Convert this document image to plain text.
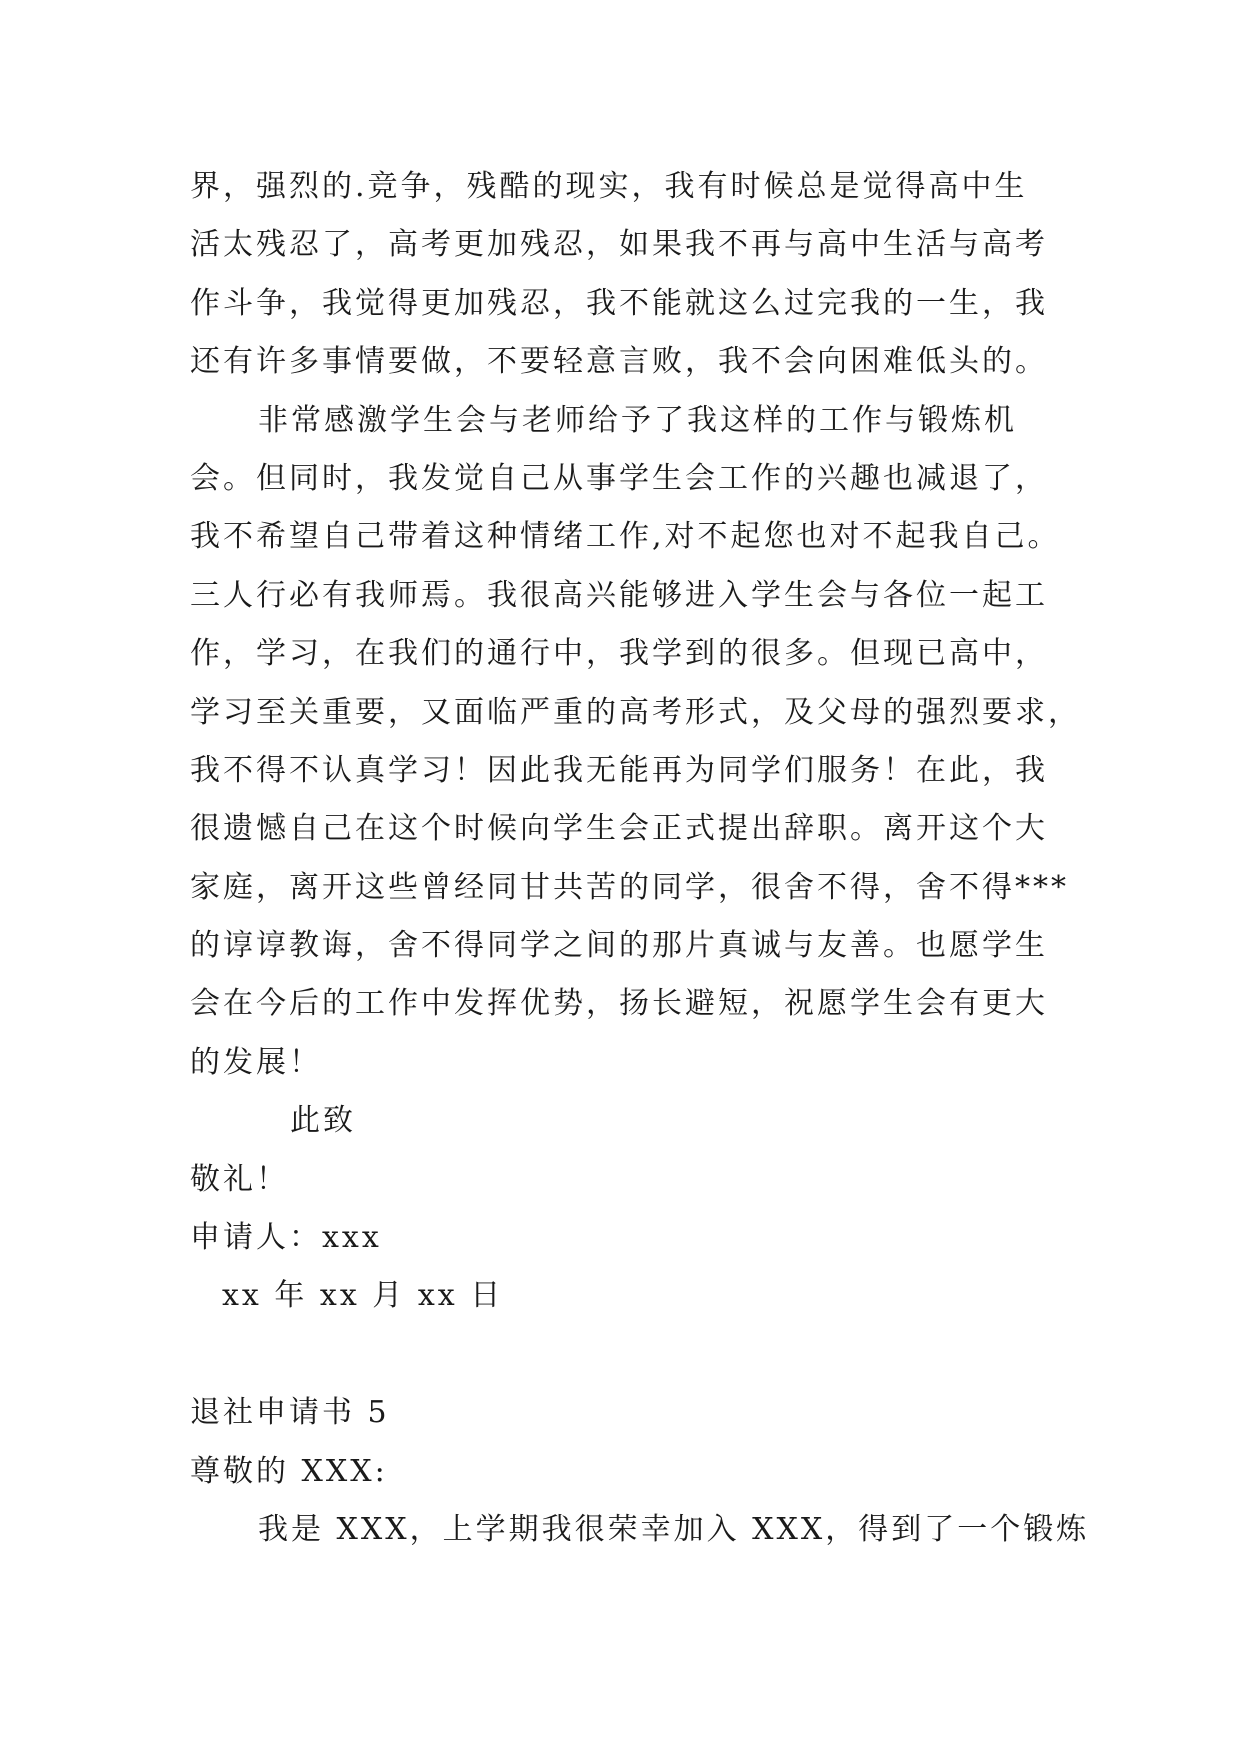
界，强烈的.竞争，残酷的现实，我有时候总是觉得高中生

活太残忍了，高考更加残忍，如果我不再与高中生活与高考

作斗争，我觉得更加残忍，我不能就这么过完我的一生，我

还有许多事情要做，不要轻意言败，我不会向困难低头的。

非常感激学生会与老师给予了我这样的工作与锻炼机

会。但同时，我发觉自己从事学生会工作的兴趣也减退了，

我不希望自己带着这种情绪工作,对不起您也对不起我自己。

三人行必有我师焉。我很高兴能够进入学生会与各位一起工

作，学习，在我们的通行中，我学到的很多。但现已高中，

学习至关重要，又面临严重的高考形式，及父母的强烈要求，

我不得不认真学习！因此我无能再为同学们服务！在此，我

很遗憾自己在这个时候向学生会正式提出辞职。离开这个大

家庭，离开这些曾经同甘共苦的同学，很舍不得，舍不得***

的谆谆教诲，舍不得同学之间的那片真诚与友善。也愿学生

会在今后的工作中发挥优势，扬长避短，祝愿学生会有更大

的发展！

此致

敬礼！

申请人：xxx

xx 年 xx 月 xx 日

退社申请书 5

尊敬的 XXX:

我是 XXX，上学期我很荣幸加入 XXX，得到了一个锻炼
